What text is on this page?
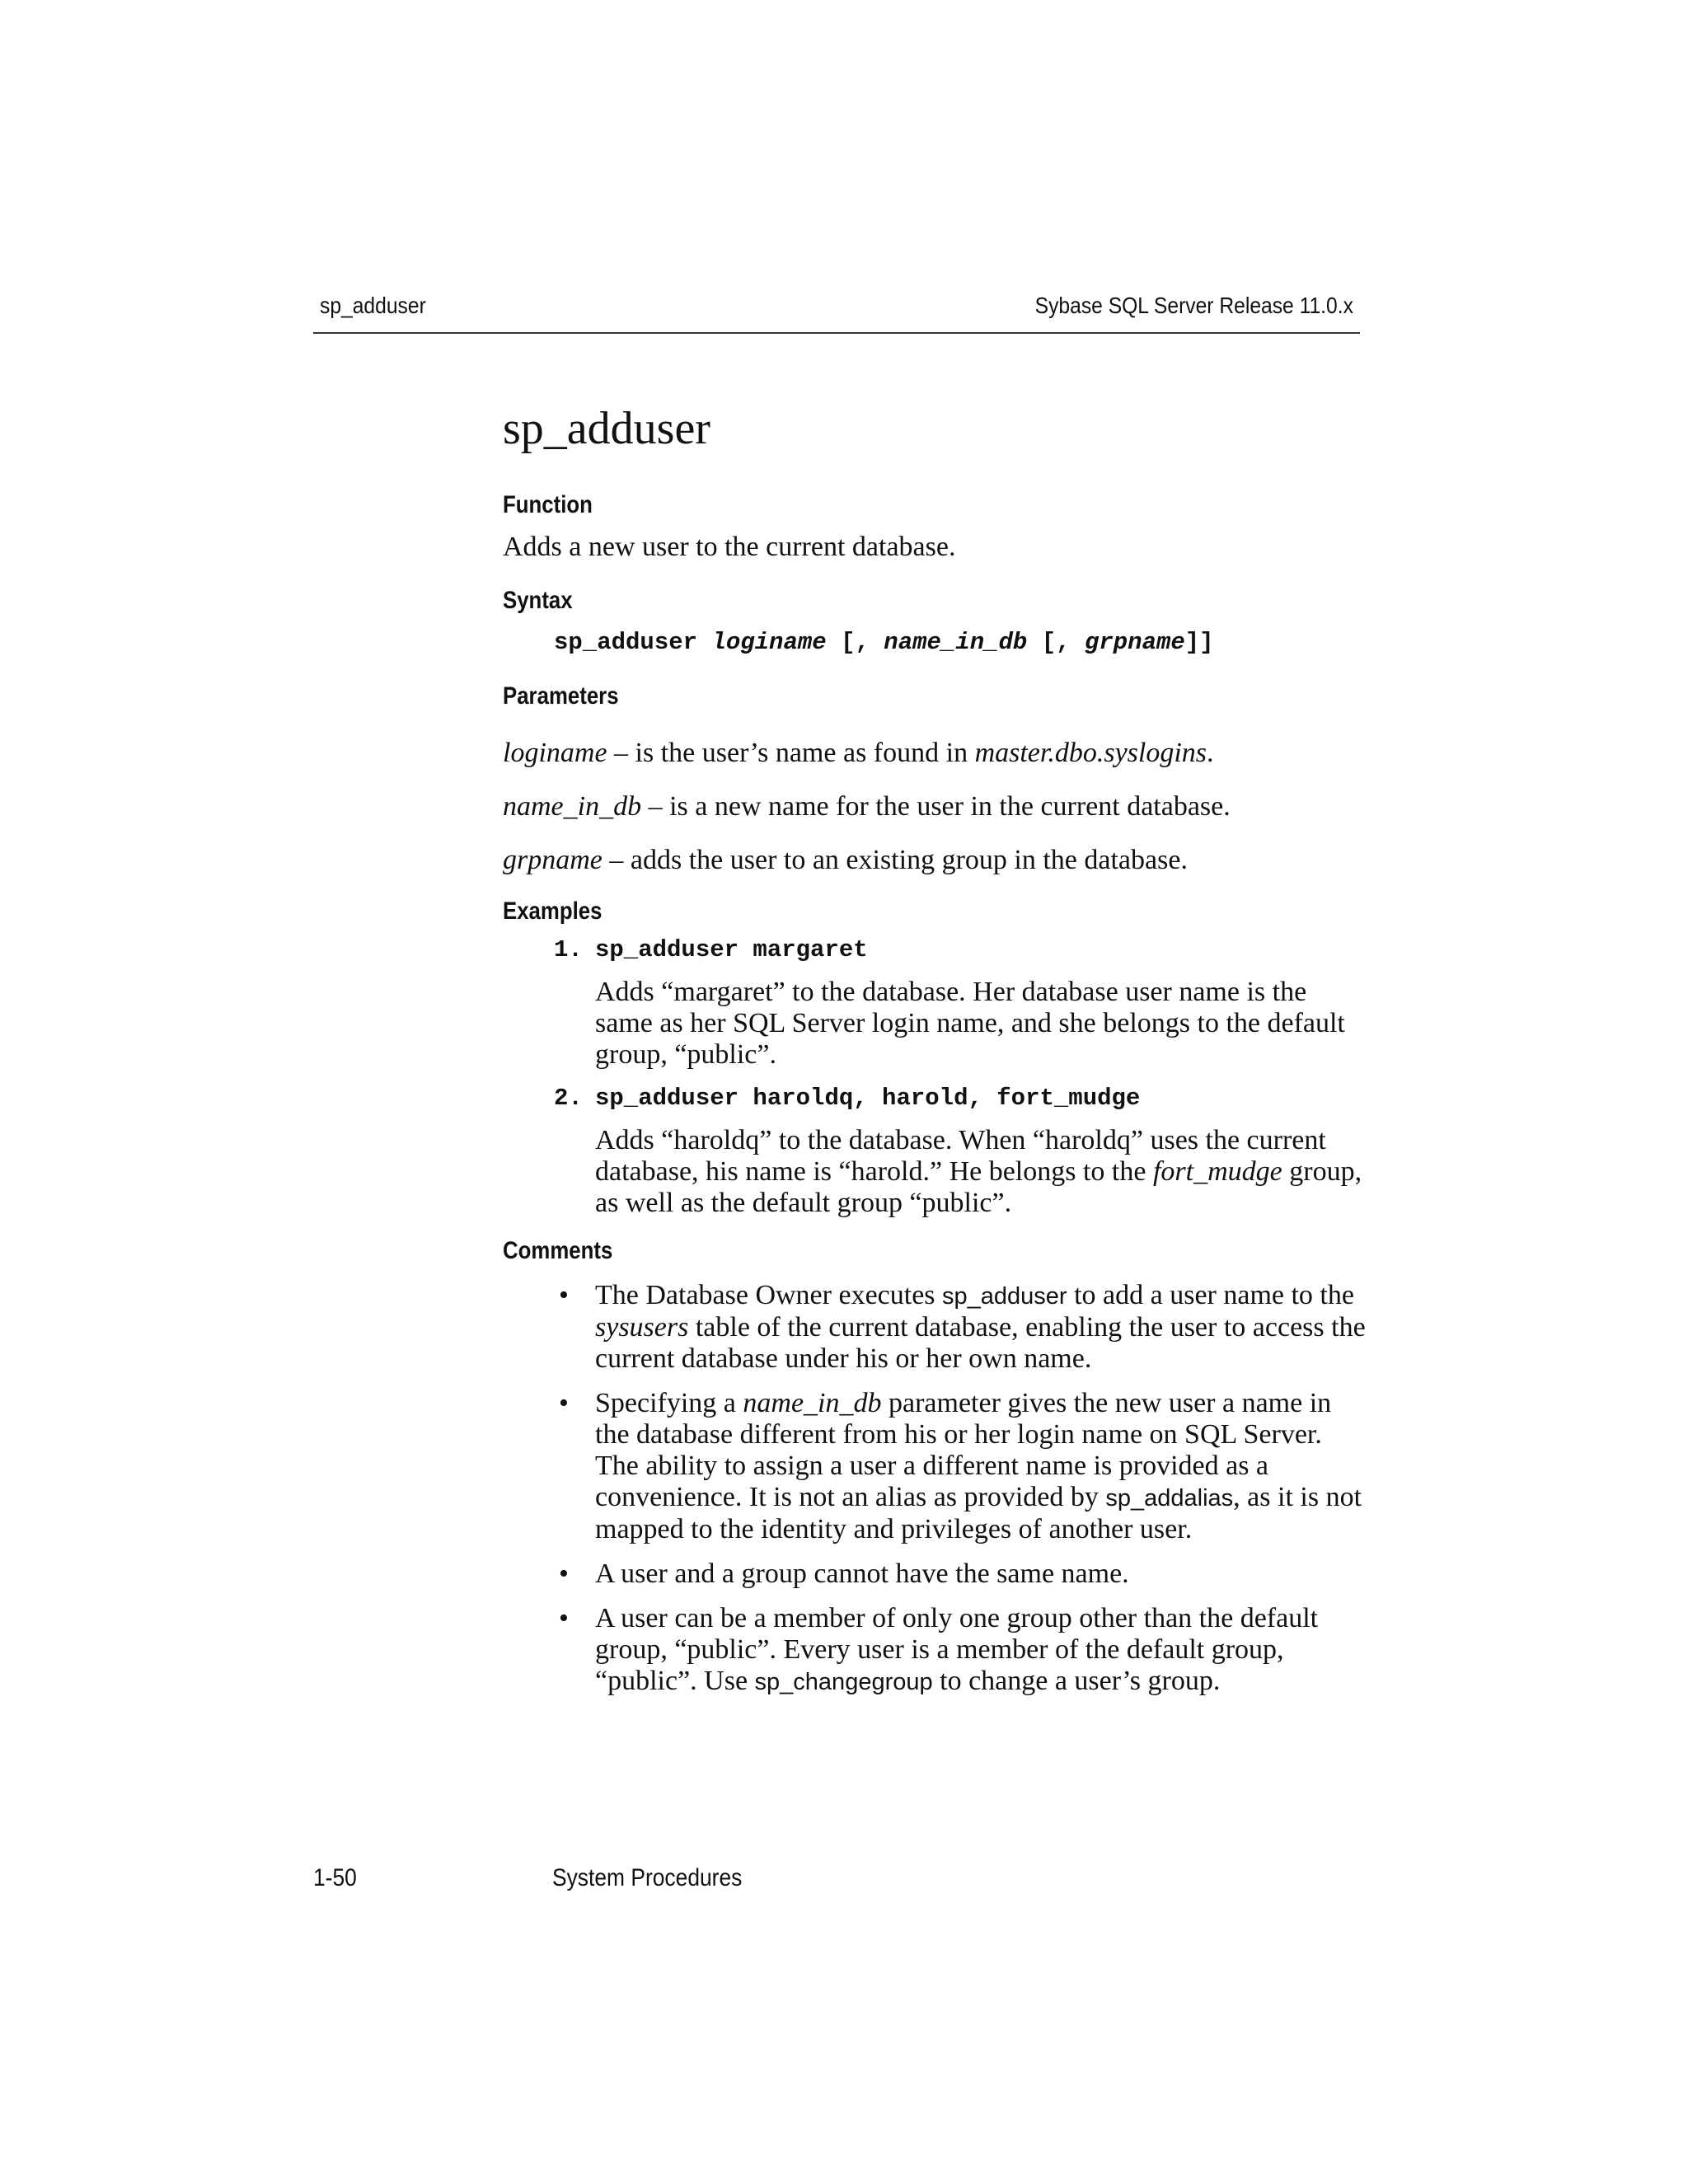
sp_adduser	Sybase SQL Server Release 11.0.x
sp_adduser
Function

Adds a new user to the current database.

Syntax
sp_adduser loginame [, name_in_db [, grpname]]
Parameters

loginame – is the user’s name as found in master.dbo.syslogins.

name_in_db – is a new name for the user in the current database.

grpname – adds the user to an existing group in the database.

Examples
1. sp_adduser margaret

Adds “margaret” to the database. Her database user name is the same as her SQL Server login name, and she belongs to the default group, “public”.

2. sp_adduser haroldq, harold, fort_mudge

Adds “haroldq” to the database. When “haroldq” uses the current database, his name is “harold.” He belongs to the fort_mudge group, as well as the default group “public”.

Comments
• The Database Owner executes sp_adduser to add a user name to the sysusers table of the current database, enabling the user to access the current database under his or her own name.
• Specifying a name_in_db parameter gives the new user a name in the database different from his or her login name on SQL Server. The ability to assign a user a different name is provided as a convenience. It is not an alias as provided by sp_addalias, as it is not mapped to the identity and privileges of another user.
• A user and a group cannot have the same name.
• A user can be a member of only one group other than the default group, “public”. Every user is a member of the default group, “public”. Use sp_changegroup to change a user’s group.
1-50	System Procedures
